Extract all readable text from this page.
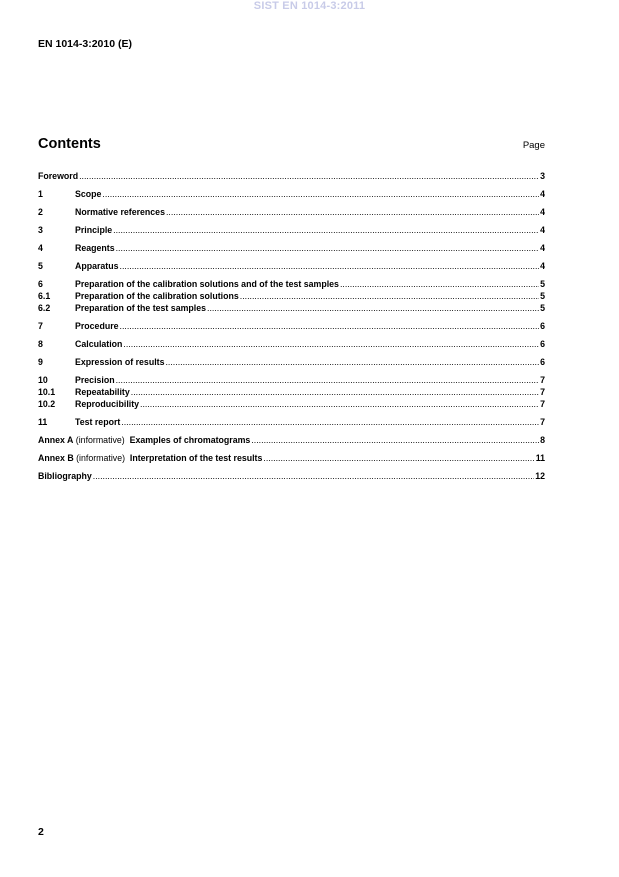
SIST EN 1014-3:2011
EN 1014-3:2010 (E)
Contents	Page
Foreword .....	3
1	Scope .....	4
2	Normative references .....	4
3	Principle .....	4
4	Reagents .....	4
5	Apparatus .....	4
6	Preparation of the calibration solutions and of the test samples .....	5
6.1	Preparation of the calibration solutions .....	5
6.2	Preparation of the test samples .....	5
7	Procedure .....	6
8	Calculation .....	6
9	Expression of results .....	6
10	Precision .....	7
10.1	Repeatability .....	7
10.2	Reproducibility .....	7
11	Test report .....	7
Annex A (informative)  Examples of chromatograms .....	8
Annex B (informative)  Interpretation of the test results .....	11
Bibliography .....	12
2
